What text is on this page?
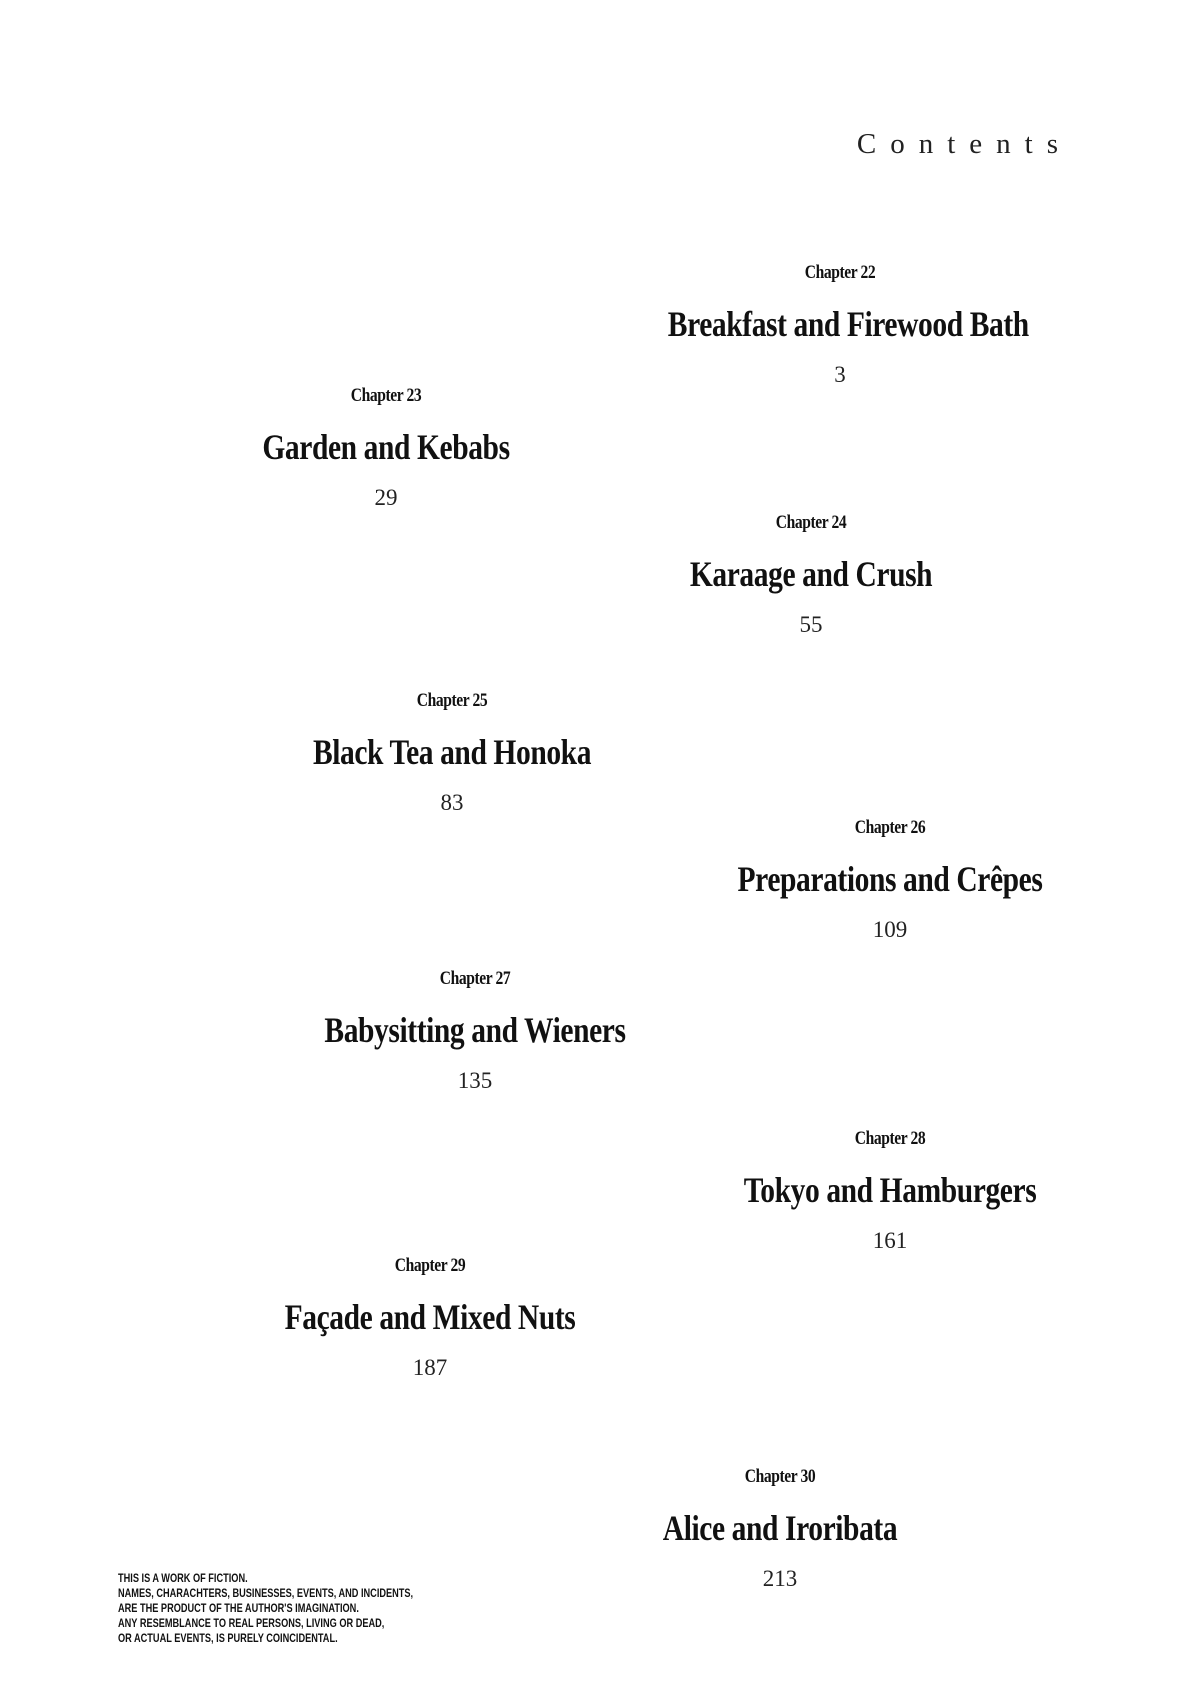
Contents
Chapter 22
Breakfast and Firewood Bath
3
Chapter 23
Garden and Kebabs
29
Chapter 24
Karaage and Crush
55
Chapter 25
Black Tea and Honoka
83
Chapter 26
Preparations and Crêpes
109
Chapter 27
Babysitting and Wieners
135
Chapter 28
Tokyo and Hamburgers
161
Chapter 29
Façade and Mixed Nuts
187
Chapter 30
Alice and Iroribata
213
THIS IS A WORK OF FICTION.
NAMES, CHARACHTERS, BUSINESSES, EVENTS, AND INCIDENTS,
ARE THE PRODUCT OF THE AUTHOR'S IMAGINATION.
ANY RESEMBLANCE TO REAL PERSONS, LIVING OR DEAD,
OR ACTUAL EVENTS, IS PURELY COINCIDENTAL.
